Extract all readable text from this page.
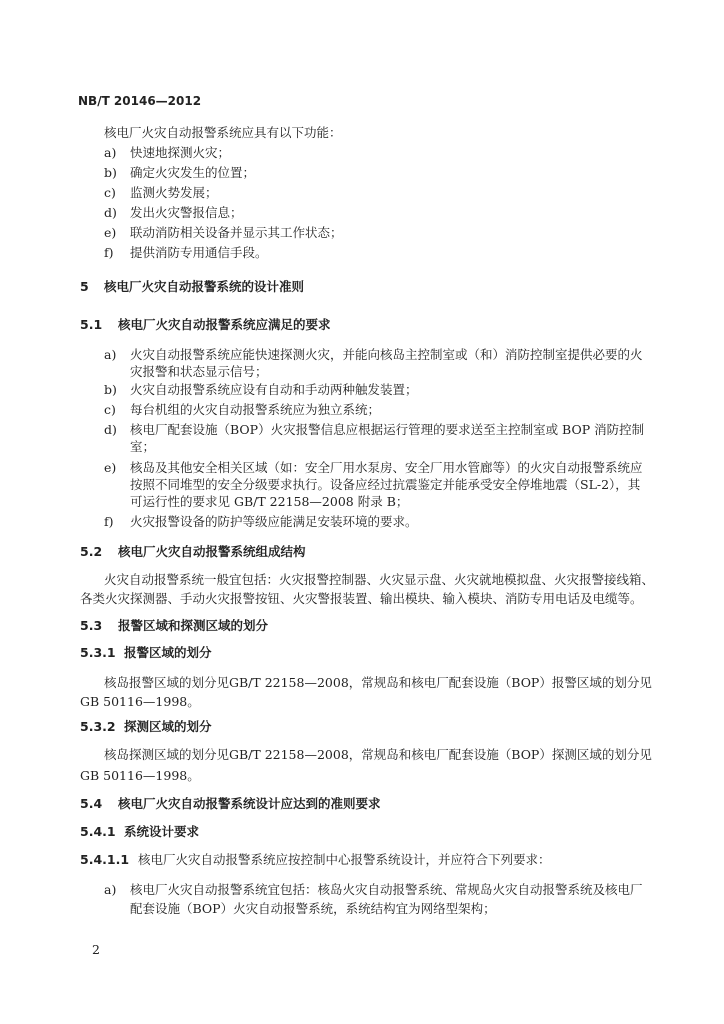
NB/T 20146—2012
核电厂火灾自动报警系统应具有以下功能：
a) 快速地探测火灾；
b) 确定火灾发生的位置；
c) 监测火势发展；
d) 发出火灾警报信息；
e) 联动消防相关设备并显示其工作状态；
f) 提供消防专用通信手段。
5 核电厂火灾自动报警系统的设计准则
5.1 核电厂火灾自动报警系统应满足的要求
a) 火灾自动报警系统应能快速探测火灾，并能向核岛主控制室或（和）消防控制室提供必要的火
灾报警和状态显示信号；
b) 火灾自动报警系统应设有自动和手动两种触发装置；
c) 每台机组的火灾自动报警系统应为独立系统；
d) 核电厂配套设施（BOP）火灾报警信息应根据运行管理的要求送至主控制室或 BOP 消防控制
室；
e) 核岛及其他安全相关区域（如：安全厂用水泵房、安全厂用水管廊等）的火灾自动报警系统应
按照不同堆型的安全分级要求执行。设备应经过抗震鉴定并能承受安全停堆地震（SL-2），其
可运行性的要求见 GB/T 22158—2008 附录 B；
f) 火灾报警设备的防护等级应能满足安装环境的要求。
5.2 核电厂火灾自动报警系统组成结构
火灾自动报警系统一般宜包括：火灾报警控制器、火灾显示盘、火灾就地模拟盘、火灾报警接线箱、
各类火灾探测器、手动火灾报警按钮、火灾警报装置、输出模块、输入模块、消防专用电话及电缆等。
5.3 报警区域和探测区域的划分
5.3.1 报警区域的划分
核岛报警区域的划分见GB/T 22158—2008，常规岛和核电厂配套设施（BOP）报警区域的划分见
GB 50116—1998。
5.3.2 探测区域的划分
核岛探测区域的划分见GB/T 22158—2008，常规岛和核电厂配套设施（BOP）探测区域的划分见
GB 50116—1998。
5.4 核电厂火灾自动报警系统设计应达到的准则要求
5.4.1 系统设计要求
5.4.1.1 核电厂火灾自动报警系统应按控制中心报警系统设计，并应符合下列要求：
a) 核电厂火灾自动报警系统宜包括：核岛火灾自动报警系统、常规岛火灾自动报警系统及核电厂
配套设施（BOP）火灾自动报警系统，系统结构宜为网络型架构；
2
